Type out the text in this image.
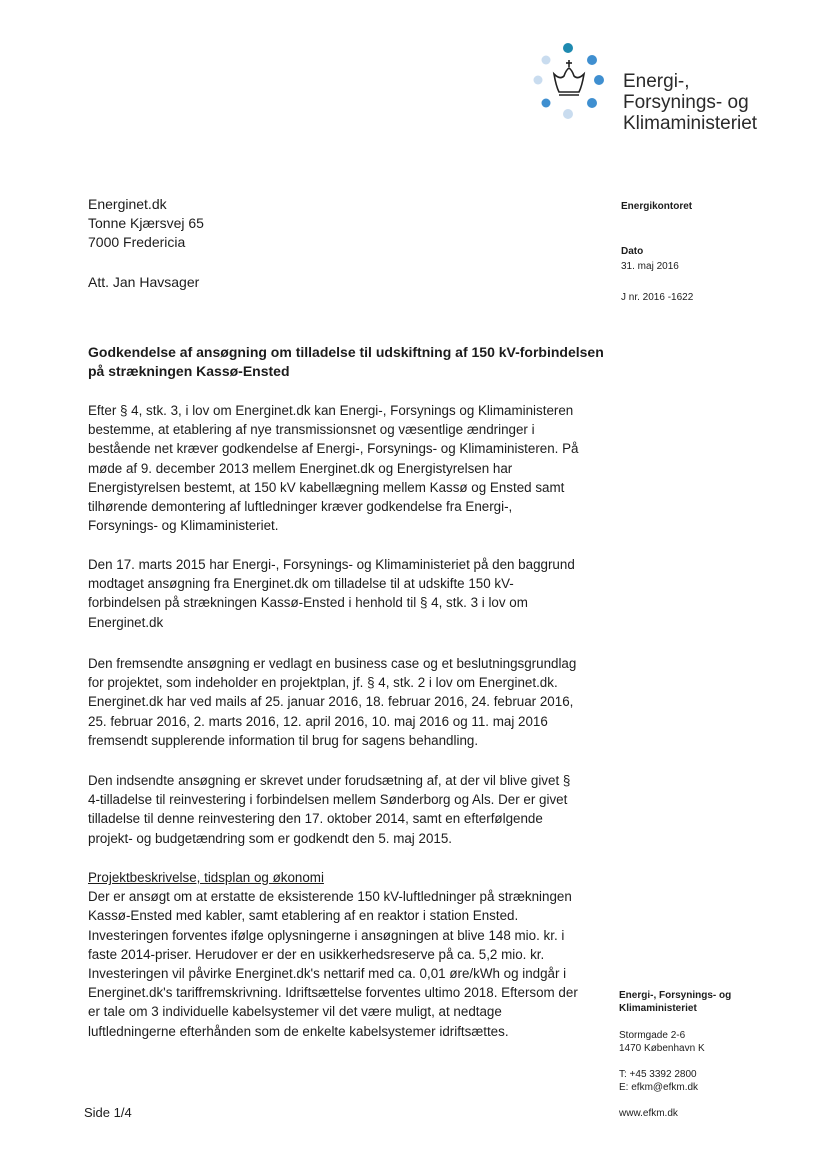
Energi-,
Forsynings- og
Klimaministeriet
Energinet.dk
Tonne Kjærsvej 65
7000 Fredericia
Att. Jan Havsager
Energikontoret
Dato
31. maj 2016
J nr. 2016 -1622
Godkendelse af ansøgning om tilladelse til udskiftning af 150 kV-forbindelsen
på strækningen Kassø-Ensted
Efter § 4, stk. 3, i lov om Energinet.dk kan Energi-, Forsynings og Klimaministeren
bestemme, at etablering af nye transmissionsnet og væsentlige ændringer i
bestående net kræver godkendelse af Energi-, Forsynings- og Klimaministeren. På
møde af 9. december 2013 mellem Energinet.dk og Energistyrelsen har
Energistyrelsen bestemt, at 150 kV kabellægning mellem Kassø og Ensted samt
tilhørende demontering af luftledninger kræver godkendelse fra Energi-,
Forsynings- og Klimaministeriet.
Den 17. marts 2015 har Energi-, Forsynings- og Klimaministeriet på den baggrund
modtaget ansøgning fra Energinet.dk om tilladelse til at udskifte 150 kV-
forbindelsen på strækningen Kassø-Ensted i henhold til § 4, stk. 3 i lov om
Energinet.dk
Den fremsendte ansøgning er vedlagt en business case og et beslutningsgrundlag
for projektet, som indeholder en projektplan, jf. § 4, stk. 2 i lov om Energinet.dk.
Energinet.dk har ved mails af 25. januar 2016, 18. februar 2016, 24. februar 2016,
25. februar 2016, 2. marts 2016, 12. april 2016, 10. maj 2016 og 11. maj 2016
fremsendt supplerende information til brug for sagens behandling.
Den indsendte ansøgning er skrevet under forudsætning af, at der vil blive givet §
4-tilladelse til reinvestering i forbindelsen mellem Sønderborg og Als. Der er givet
tilladelse til denne reinvestering den 17. oktober 2014, samt en efterfølgende
projekt- og budgetændring som er godkendt den 5. maj 2015.
Projektbeskrivelse, tidsplan og økonomi
Der er ansøgt om at erstatte de eksisterende 150 kV-luftledninger på strækningen
Kassø-Ensted med kabler, samt etablering af en reaktor i station Ensted.
Investeringen forventes ifølge oplysningerne i ansøgningen at blive 148 mio. kr. i
faste 2014-priser. Herudover er der en usikkerhedsreserve på ca. 5,2 mio. kr.
Investeringen vil påvirke Energinet.dk's nettarif med ca. 0,01 øre/kWh og indgår i
Energinet.dk's tariffremskrivning. Idriftsættelse forventes ultimo 2018. Eftersom der
er tale om 3 individuelle kabelsystemer vil det være muligt, at nedtage
luftledningerne efterhånden som de enkelte kabelsystemer idriftsættes.
Energi-, Forsynings- og
Klimaministeriet
Stormgade 2-6
1470 København K
T: +45 3392 2800
E: efkm@efkm.dk
www.efkm.dk
Side 1/4
